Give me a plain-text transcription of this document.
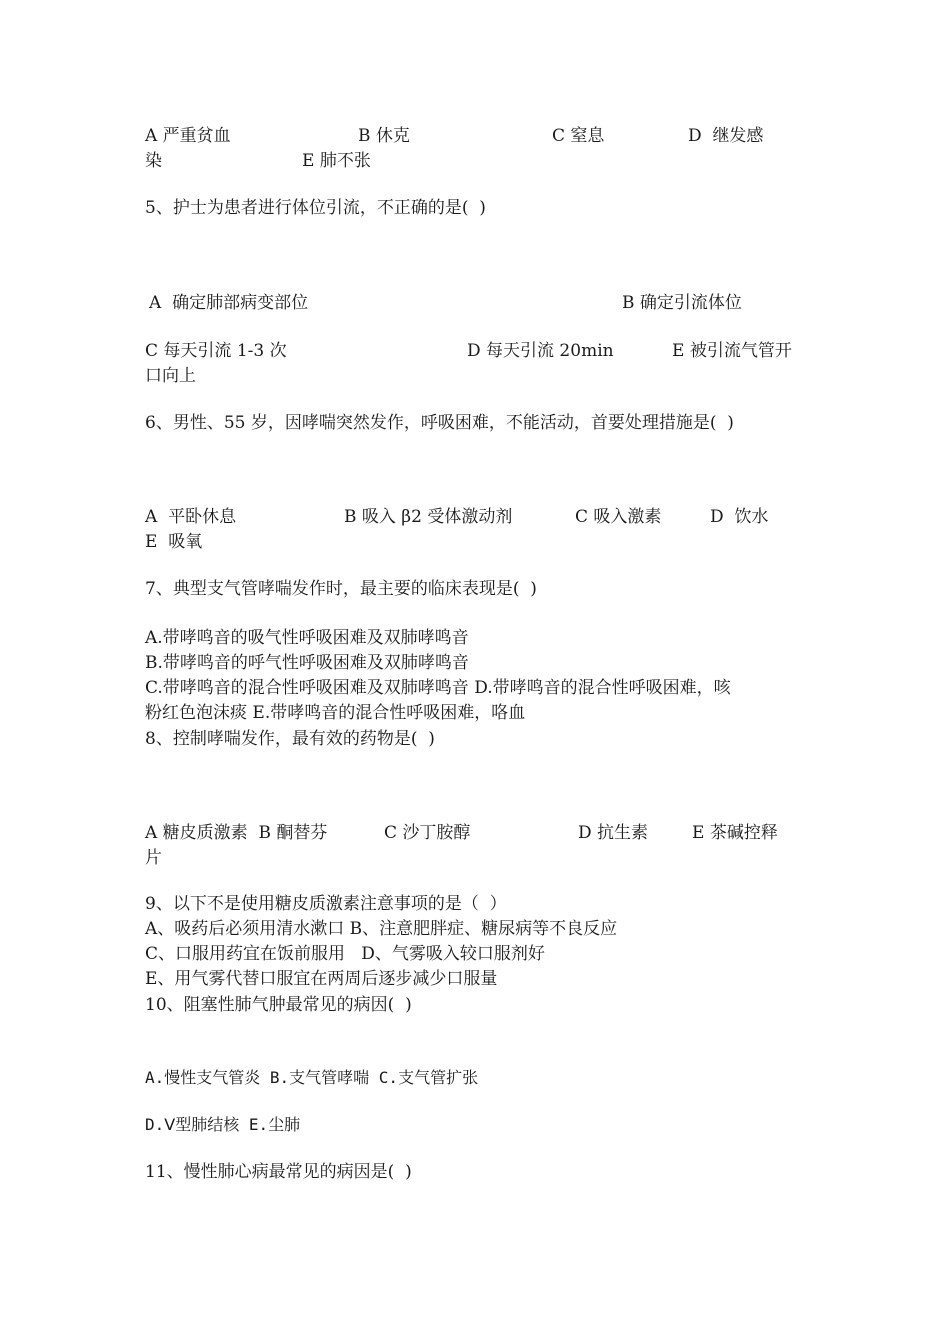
A 严重贫血	B 休克	C 窒息	D  继发感
染	E 肺不张
5、护士为患者进行体位引流，不正确的是(  )
A  确定肺部病变部位	B 确定引流体位
C 每天引流 1-3 次	D 每天引流 20min	E 被引流气管开
口向上
6、男性、55 岁，因哮喘突然发作，呼吸困难，不能活动，首要处理措施是(  )
A  平卧休息	B 吸入 β2 受体激动剂	C 吸入激素	D  饮水
E  吸氧
7、典型支气管哮喘发作时，最主要的临床表现是(  )
A.带哮鸣音的吸气性呼吸困难及双肺哮鸣音
B.带哮鸣音的呼气性呼吸困难及双肺哮鸣音
C.带哮鸣音的混合性呼吸困难及双肺哮鸣音 D.带哮鸣音的混合性呼吸困难，咳
粉红色泡沫痰 E.带哮鸣音的混合性呼吸困难，咯血
8、控制哮喘发作，最有效的药物是(  )
A 糖皮质激素  B 酮替芬	C 沙丁胺醇	D 抗生素	E 茶碱控释
片
9、以下不是使用糖皮质激素注意事项的是（  ）
A、吸药后必须用清水漱口 B、注意肥胖症、糖尿病等不良反应
C、口服用药宜在饭前服用   D、气雾吸入较口服剂好
E、用气雾代替口服宜在两周后逐步减少口服量
10、阻塞性肺气肿最常见的病因(  )
A.慢性支气管炎 B.支气管哮喘 C.支气管扩张
D.Ⅴ型肺结核 E.尘肺
11、慢性肺心病最常见的病因是(  )
